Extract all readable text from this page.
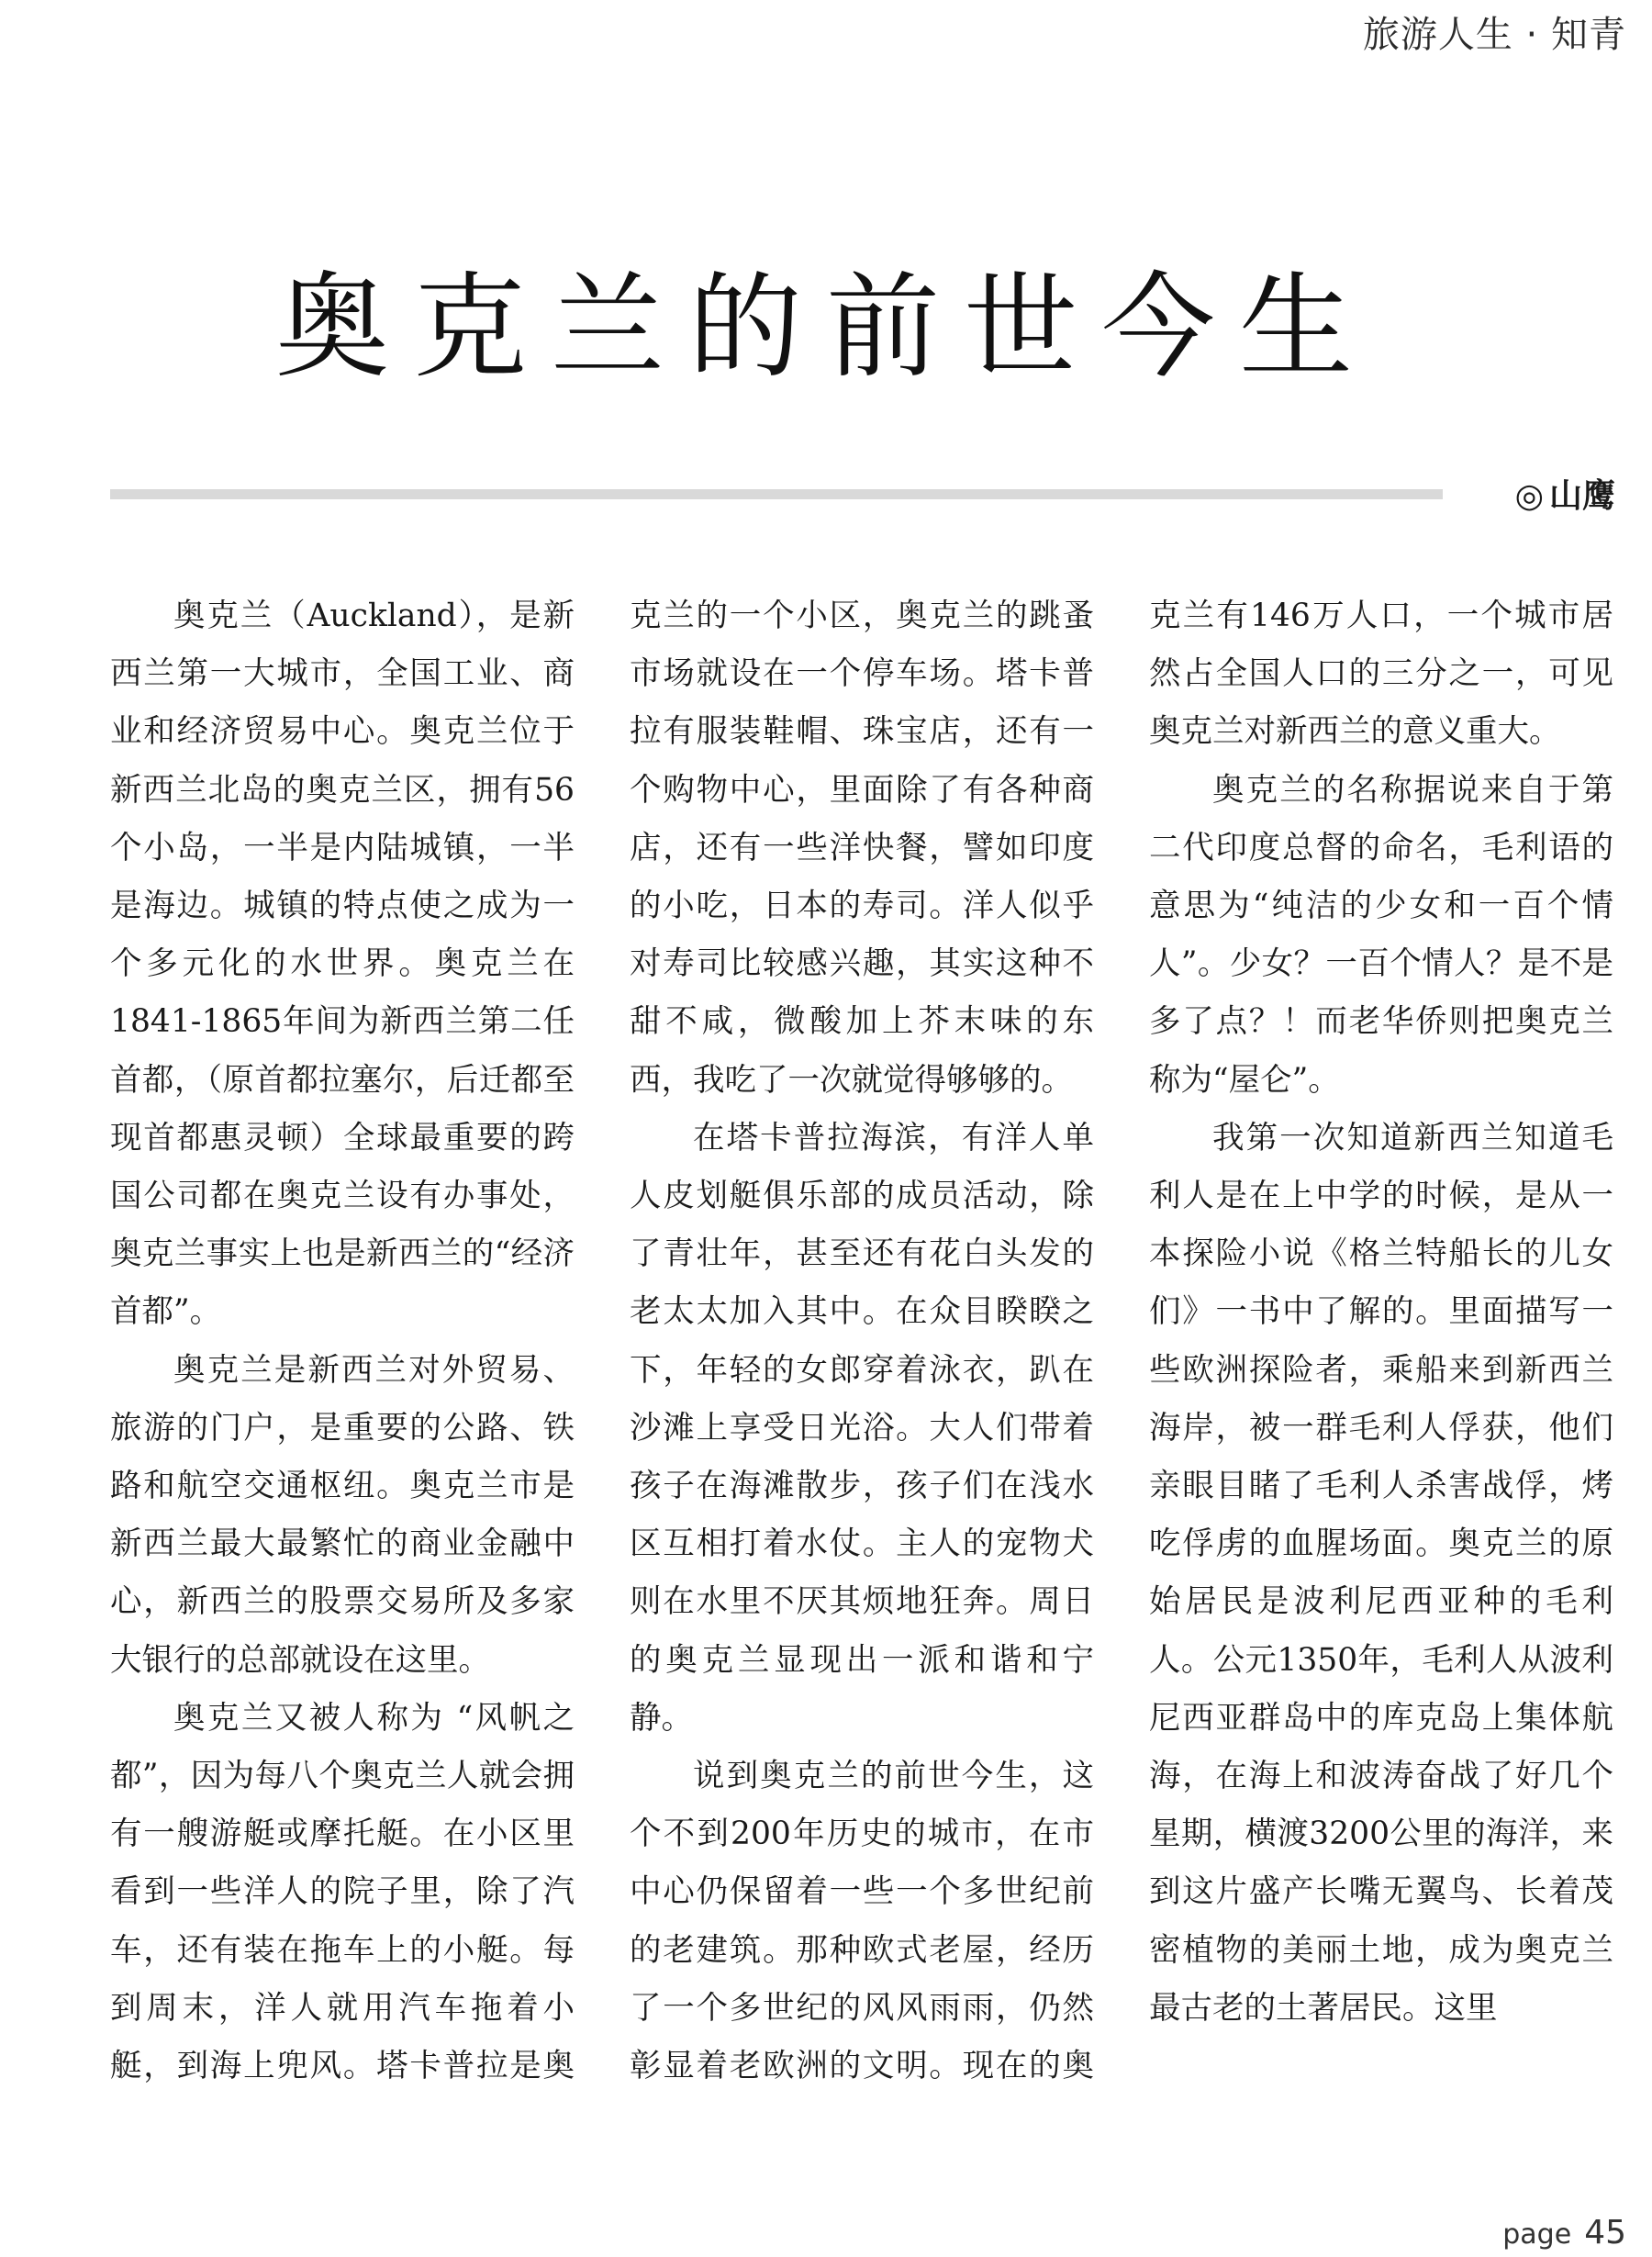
旅游人生 · 知青
奥克兰的前世今生
◎ 山鹰

奥克兰（Auckland），是新西兰第一大城市，全国工业、商业和经济贸易中心。奥克兰位于新西兰北岛的奥克兰区，拥有56个小岛，一半是内陆城镇，一半是海边。城镇的特点使之成为一个多元化的水世界。奥克兰在1841-1865年间为新西兰第二任首都，（原首都拉塞尔，后迁都至现首都惠灵顿）全球最重要的跨国公司都在奥克兰设有办事处，奥克兰事实上也是新西兰的“经济首都”。

奥克兰是新西兰对外贸易、旅游的门户，是重要的公路、铁路和航空交通枢纽。奥克兰市是新西兰最大最繁忙的商业金融中心，新西兰的股票交易所及多家大银行的总部就设在这里。

奥克兰又被人称为 “风帆之都”，因为每八个奥克兰人就会拥有一艘游艇或摩托艇。在小区里看到一些洋人的院子里，除了汽车，还有装在拖车上的小艇。每到周末，洋人就用汽车拖着小艇，到海上兜风。塔卡普拉是奥克兰的一个小区，奥克兰的跳蚤市场就设在一个停车场。塔卡普拉有服装鞋帽、珠宝店，还有一个购物中心，里面除了有各种商店，还有一些洋快餐，譬如印度的小吃，日本的寿司。洋人似乎对寿司比较感兴趣，其实这种不甜不咸，微酸加上芥末味的东西，我吃了一次就觉得够够的。

在塔卡普拉海滨，有洋人单人皮划艇俱乐部的成员活动，除了青壮年，甚至还有花白头发的老太太加入其中。在众目睽睽之下，年轻的女郎穿着泳衣，趴在沙滩上享受日光浴。大人们带着孩子在海滩散步，孩子们在浅水区互相打着水仗。主人的宠物犬则在水里不厌其烦地狂奔。周日的奥克兰显现出一派和谐和宁静。

说到奥克兰的前世今生，这个不到200年历史的城市，在市中心仍保留着一些一个多世纪前的老建筑。那种欧式老屋，经历了一个多世纪的风风雨雨，仍然彰显着老欧洲的文明。现在的奥克兰有146万人口，一个城市居然占全国人口的三分之一，可见奥克兰对新西兰的意义重大。

奥克兰的名称据说来自于第二代印度总督的命名，毛利语的意思为“纯洁的少女和一百个情人”。少女？一百个情人？是不是多了点？！而老华侨则把奥克兰称为“屋仑”。

我第一次知道新西兰知道毛利人是在上中学的时候，是从一本探险小说《格兰特船长的儿女们》一书中了解的。里面描写一些欧洲探险者，乘船来到新西兰海岸，被一群毛利人俘获，他们亲眼目睹了毛利人杀害战俘，烤吃俘虏的血腥场面。奥克兰的原始居民是波利尼西亚种的毛利人。公元1350年，毛利人从波利尼西亚群岛中的库克岛上集体航海，在海上和波涛奋战了好几个星期，横渡3200公里的海洋，来到这片盛产长嘴无翼鸟、长着茂密植物的美丽土地，成为奥克兰最古老的土著居民。这里

page 45
